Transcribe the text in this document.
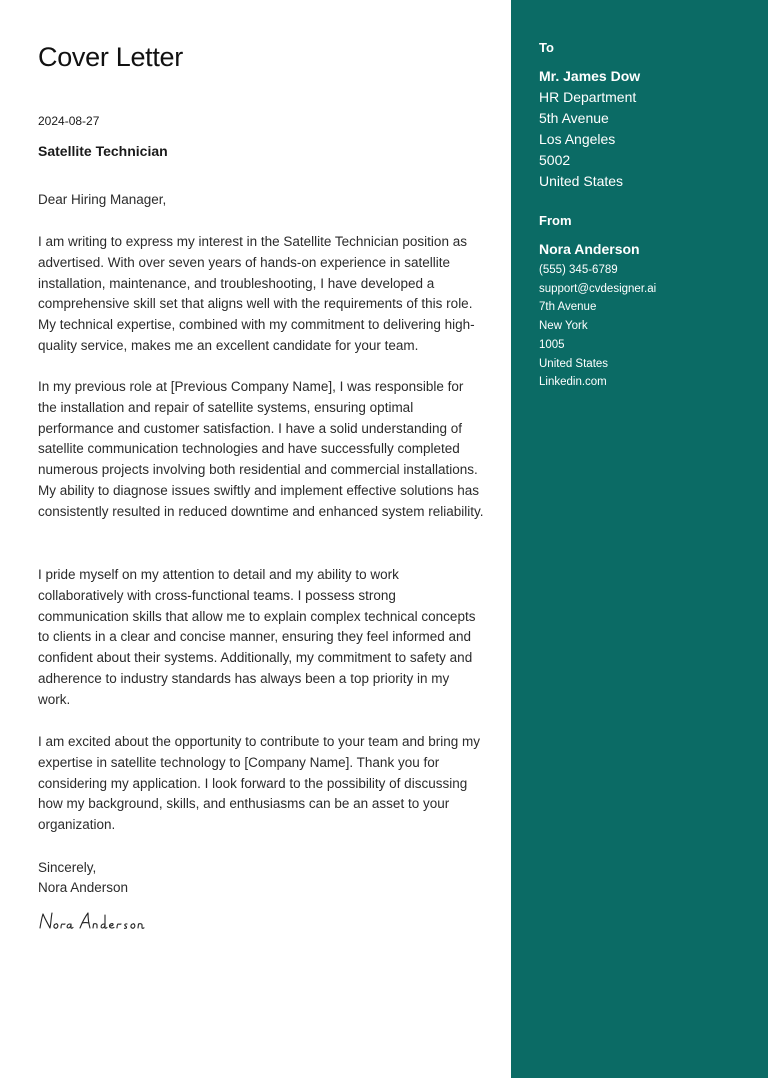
Cover Letter
2024-08-27
Satellite Technician
Dear Hiring Manager,

I am writing to express my interest in the Satellite Technician position as advertised. With over seven years of hands-on experience in satellite installation, maintenance, and troubleshooting, I have developed a comprehensive skill set that aligns well with the requirements of this role. My technical expertise, combined with my commitment to delivering high-quality service, makes me an excellent candidate for your team.

In my previous role at [Previous Company Name], I was responsible for the installation and repair of satellite systems, ensuring optimal performance and customer satisfaction. I have a solid understanding of satellite communication technologies and have successfully completed numerous projects involving both residential and commercial installations. My ability to diagnose issues swiftly and implement effective solutions has consistently resulted in reduced downtime and enhanced system reliability.

I pride myself on my attention to detail and my ability to work collaboratively with cross-functional teams. I possess strong communication skills that allow me to explain complex technical concepts to clients in a clear and concise manner, ensuring they feel informed and confident about their systems. Additionally, my commitment to safety and adherence to industry standards has always been a top priority in my work.

I am excited about the opportunity to contribute to your team and bring my expertise in satellite technology to [Company Name]. Thank you for considering my application. I look forward to the possibility of discussing how my background, skills, and enthusiasms can be an asset to your organization.

Sincerely,
Nora Anderson
To
Mr. James Dow
HR Department
5th Avenue
Los Angeles
5002
United States
From
Nora Anderson
(555) 345-6789
support@cvdesigner.ai
7th Avenue
New York
1005
United States
Linkedin.com
